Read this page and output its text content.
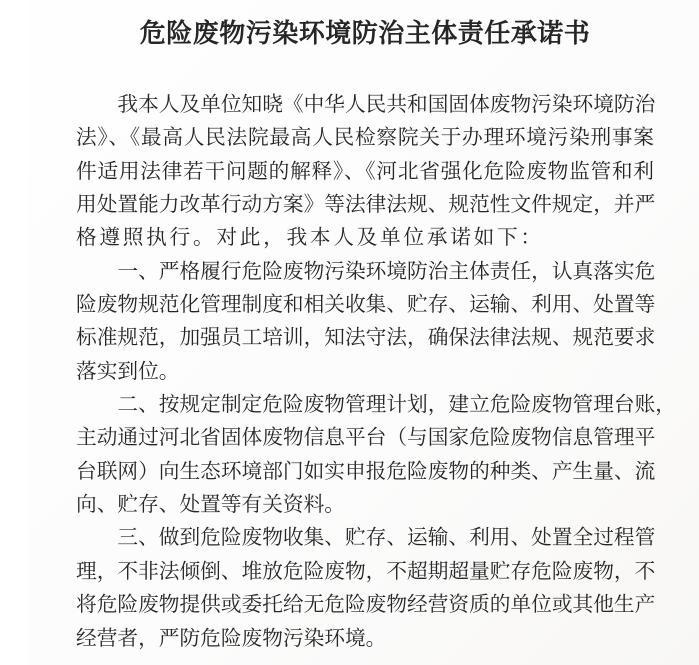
危险废物污染环境防治主体责任承诺书
我本人及单位知晓《中华人民共和国固体废物污染环境防治
法》、《最高人民法院最高人民检察院关于办理环境污染刑事案
件适用法律若干问题的解释》、《河北省强化危险废物监管和利
用处置能力改革行动方案》等法律法规、规范性文件规定，并严
格遵照执行。对此，我本人及单位承诺如下：
一、严格履行危险废物污染环境防治主体责任，认真落实危
险废物规范化管理制度和相关收集、贮存、运输、利用、处置等
标准规范，加强员工培训，知法守法，确保法律法规、规范要求
落实到位。
二、按规定制定危险废物管理计划，建立危险废物管理台账，
主动通过河北省固体废物信息平台（与国家危险废物信息管理平
台联网）向生态环境部门如实申报危险废物的种类、产生量、流
向、贮存、处置等有关资料。
三、做到危险废物收集、贮存、运输、利用、处置全过程管
理，不非法倾倒、堆放危险废物，不超期超量贮存危险废物，不
将危险废物提供或委托给无危险废物经营资质的单位或其他生产
经营者，严防危险废物污染环境。
